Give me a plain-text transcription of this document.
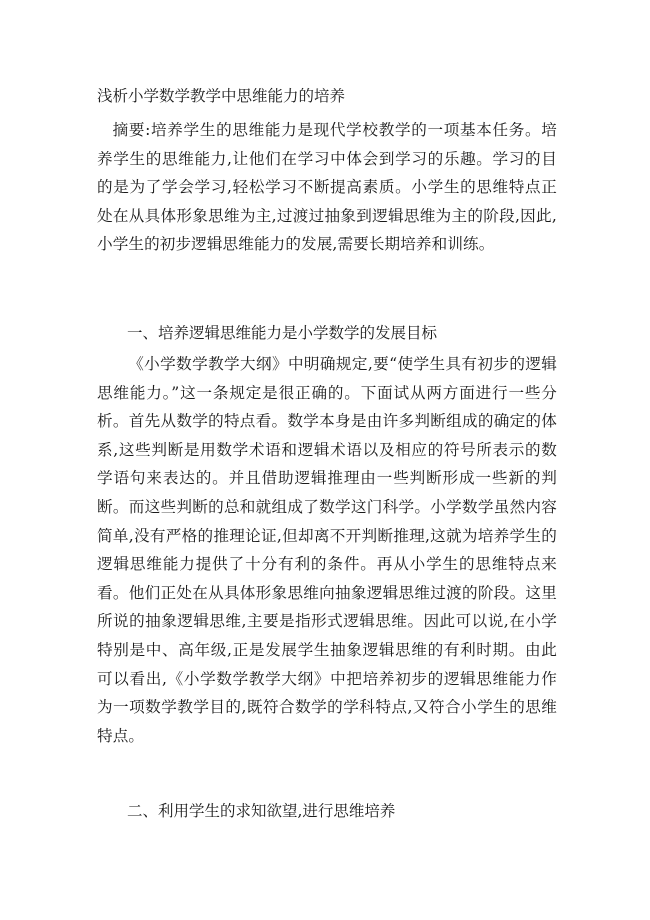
浅析小学数学教学中思维能力的培养

摘要:培养学生的思维能力是现代学校教学的一项基本任务。培养学生的思维能力,让他们在学习中体会到学习的乐趣。学习的目的是为了学会学习,轻松学习不断提高素质。小学生的思维特点正处在从具体形象思维为主,过渡过抽象到逻辑思维为主的阶段,因此,小学生的初步逻辑思维能力的发展,需要长期培养和训练。

一、培养逻辑思维能力是小学数学的发展目标

《小学数学教学大纲》中明确规定,要“使学生具有初步的逻辑思维能力。”这一条规定是很正确的。下面试从两方面进行一些分析。首先从数学的特点看。数学本身是由许多判断组成的确定的体系,这些判断是用数学术语和逻辑术语以及相应的符号所表示的数学语句来表达的。并且借助逻辑推理由一些判断形成一些新的判断。而这些判断的总和就组成了数学这门科学。小学数学虽然内容简单,没有严格的推理论证,但却离不开判断推理,这就为培养学生的逻辑思维能力提供了十分有利的条件。再从小学生的思维特点来看。他们正处在从具体形象思维向抽象逻辑思维过渡的阶段。这里所说的抽象逻辑思维,主要是指形式逻辑思维。因此可以说,在小学特别是中、高年级,正是发展学生抽象逻辑思维的有利时期。由此可以看出,《小学数学教学大纲》中把培养初步的逻辑思维能力作为一项数学教学目的,既符合数学的学科特点,又符合小学生的思维特点。

二、利用学生的求知欲望,进行思维培养
